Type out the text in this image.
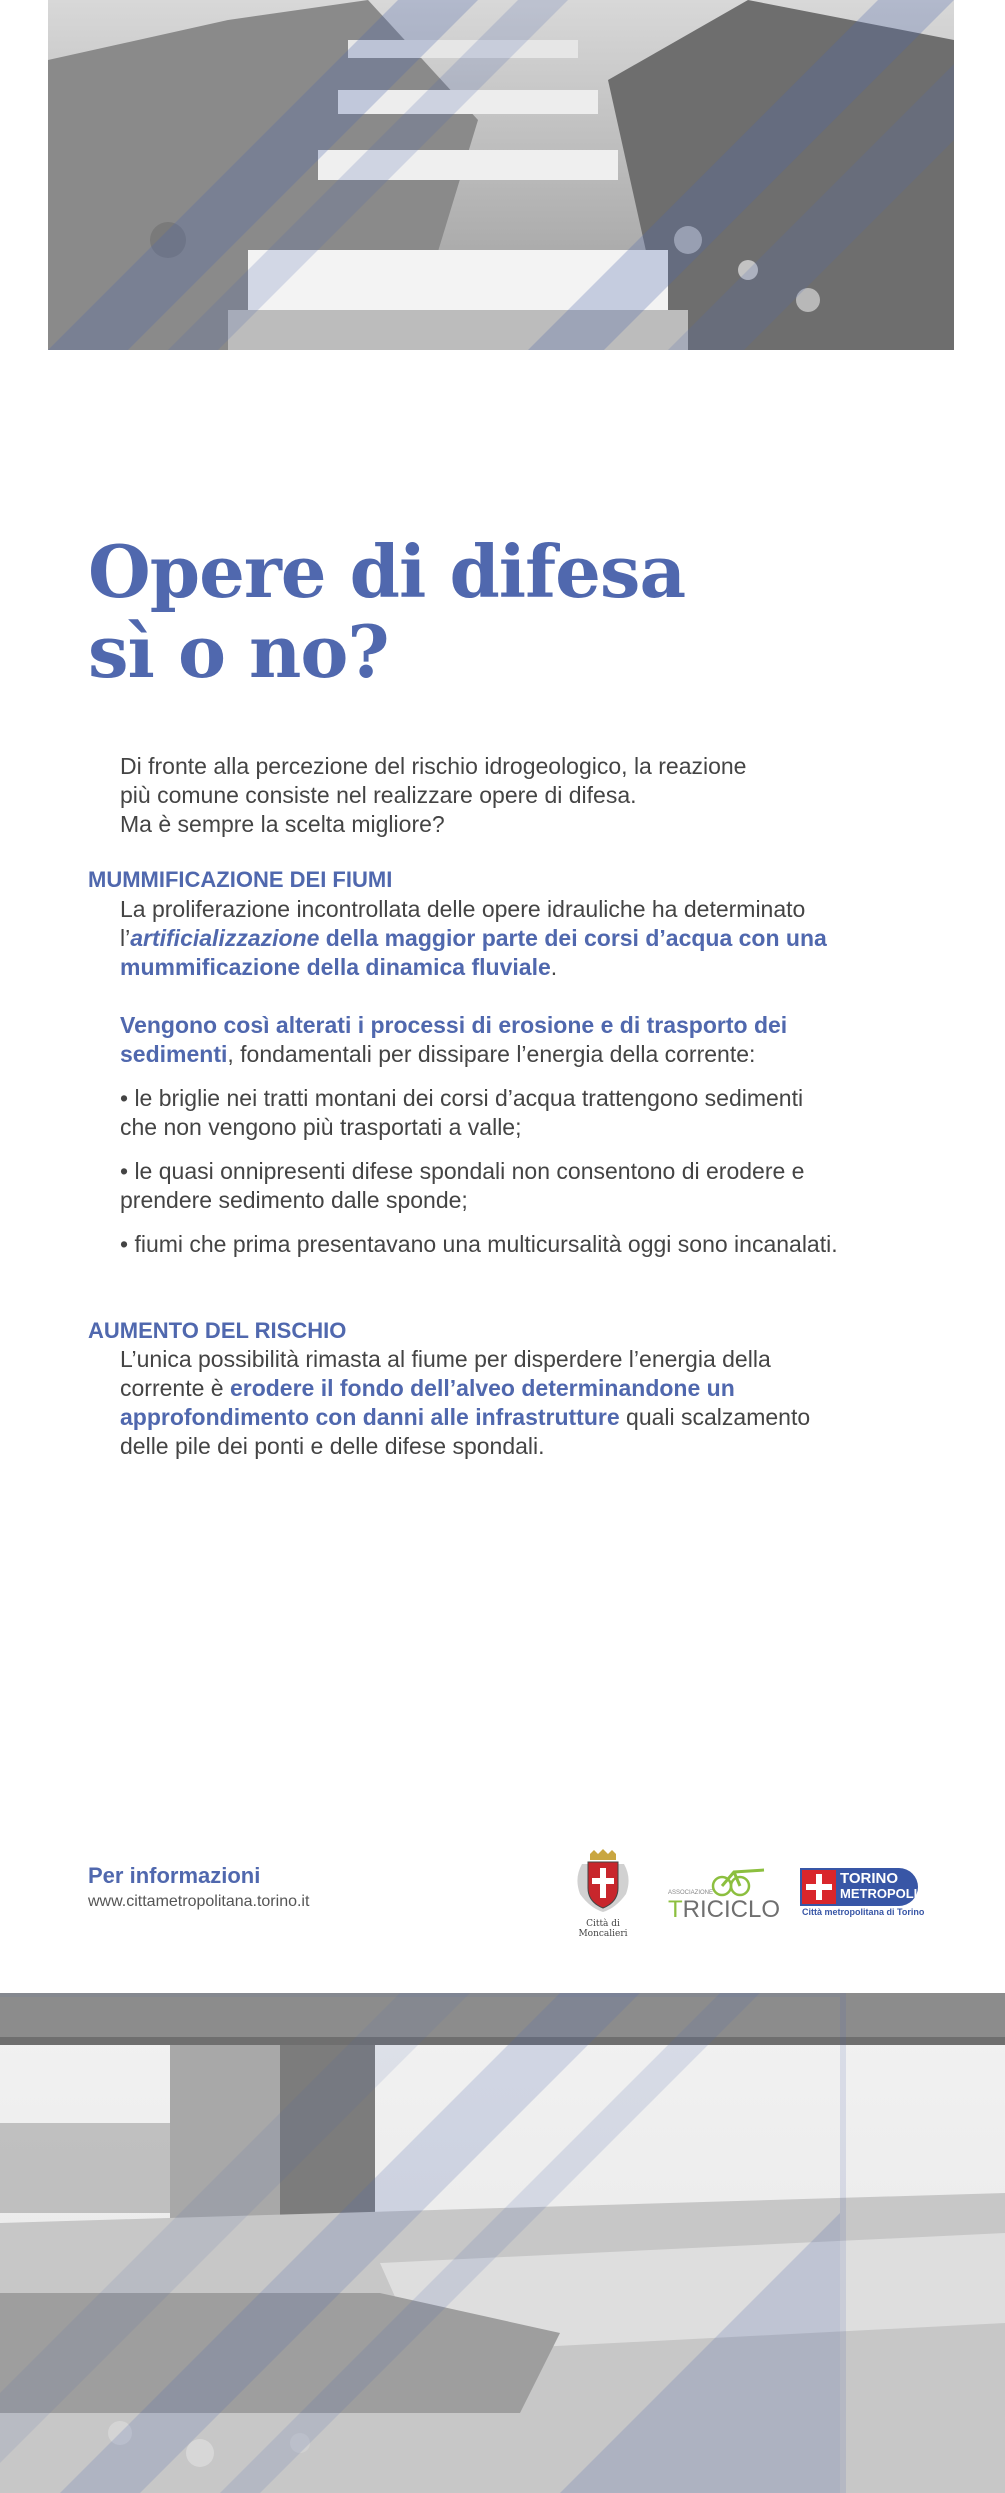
Opere di difesa
sì o no?

Di fronte alla percezione del rischio idrogeologico, la reazione

più comune consiste nel realizzare opere di difesa.

Ma è sempre la scelta migliore?

MUMMIFICAZIONE DEI FIUMI

La proliferazione incontrollata delle opere idrauliche ha determinato l’artificializzazione della maggior parte dei corsi d’acqua con una mummificazione della dinamica fluviale.

Vengono così alterati i processi di erosione e di trasporto dei sedimenti, fondamentali per dissipare l’energia della corrente:

• le briglie nei tratti montani dei corsi d’acqua trattengono sedimenti che non vengono più trasportati a valle;

• le quasi onnipresenti difese spondali non consentono di erodere e prendere sedimento dalle sponde;

• fiumi che prima presentavano una multicursalità oggi sono incanalati.

AUMENTO DEL RISCHIO

L’unica possibilità rimasta al fiume per disperdere l’energia della corrente è erodere il fondo dell’alveo determinandone un approfondimento con danni alle infrastrutture quali scalzamento delle pile dei ponti e delle difese spondali.

Per informazioni

www.cittametropolitana.torino.it

Città di
Moncalieri
ASSOCIAZIONE
TRICICLO
TORINO
METROPOLI
Città metropolitana di Torino
